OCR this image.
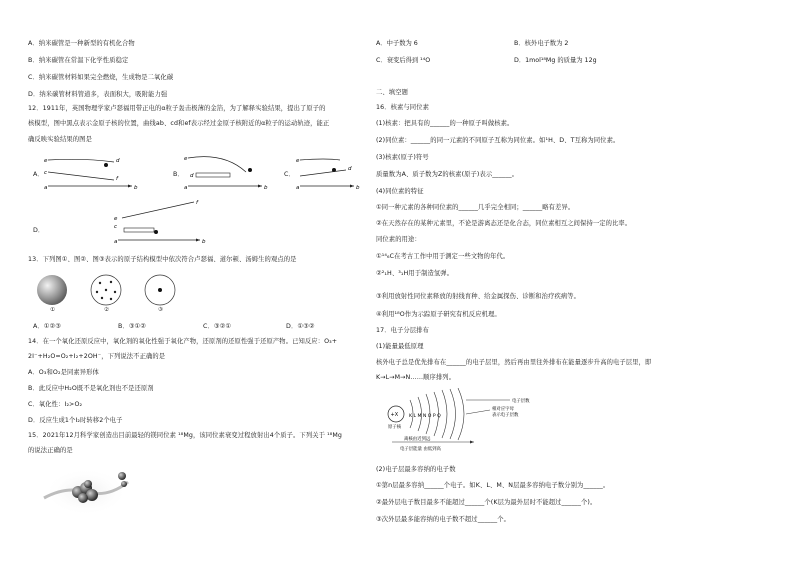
A．纳米碳管是一种新型的有机化合物
B．纳米碳管在常温下化学性质稳定
C．纳米碳管材料如果完全燃烧，生成物是二氧化碳
D．纳米碳管材料管道多，表面积大，吸附能力强
12．1911年，英国物理学家卢瑟福用带正电的α粒子轰击极薄的金箔，为了解释实验结果，提出了原子的
核模型，图中黑点表示金原子核的位置，曲线ab、cd和ef表示经过金原子核附近的α粒子的运动轨迹，能正
确反映实验结果的图是
A．
e
c
a
d
f
b
B．
e
d
a	b
C．
e
a
d
b
D．
e
c
a
f
b
13．下列图①、图②、图③表示的原子结构模型中依次符合卢瑟福、道尔顿、汤姆生的观点的是
①	②	③
A．①②③	B．③①②	C．③②①	D．①③②
14．在一个氧化还原反应中，氧化剂的氧化性强于氧化产物，还原剂的还原性强于还原产物。已知反应：O₃+
2I⁻+H₂O=O₂+I₂+2OH⁻，下列说法不正确的是
A．O₃和O₂是同素异形体
B．此反应中H₂O既不是氧化剂也不是还原剂
C．氧化性：I₂>O₂
D．反应生成1个I₂时转移2个电子
15．2021年12月科学家创造出目前最轻的镁同位素 ¹⁸Mg，该同位素衰变过程放射出4个质子。下列关于 ¹⁸Mg
的说法正确的是
A．中子数为 6	B．核外电子数为 2
C．衰变后得到 ¹⁴O	D．1mol¹⁸Mg 的质量为 12g
二、填空题
16．核素与同位素
(1)核素：把具有的______的一种原子叫做核素。
(2)同位素：______的同一元素的不同原子互称为同位素。如¹H、D、T互称为同位素。
(3)核素(原子)符号
质量数为A、质子数为Z的核素(原子)表示______。
(4)同位素的特征
①同一种元素的各种同位素的______几乎完全相同；______略有差异。
②在天然存在的某种元素里，不论是游离态还是化合态，同位素相互之间保持一定的比率。
同位素的用途：
①¹⁴₆C在考古工作中用于测定一些文物的年代。
②²₁H、³₁H用于制造氢弹。
③利用放射性同位素释放的射线育种、给金属探伤、诊断和治疗疾病等。
④利用¹⁸O作为示踪原子研究有机反应机理。
17．电子分层排布
(1)能量最低原理
核外电子总是优先排布在______的电子层里，然后再由里往外排布在能量逐步升高的电子层里，即
K→L→M→N……顺序排列。
+X K L M N O P Q
原子核
电子层数
相对应字母
表示电子层数
离核由近到远
电子层能量 由低到高
(2)电子层最多容纳的电子数
①第n层最多容纳______个电子。如K、L、M、N层最多容纳电子数分别为______。
②最外层电子数目最多不能超过______个(K层为最外层时不能超过______个)。
③次外层最多能容纳的电子数不超过______个。
